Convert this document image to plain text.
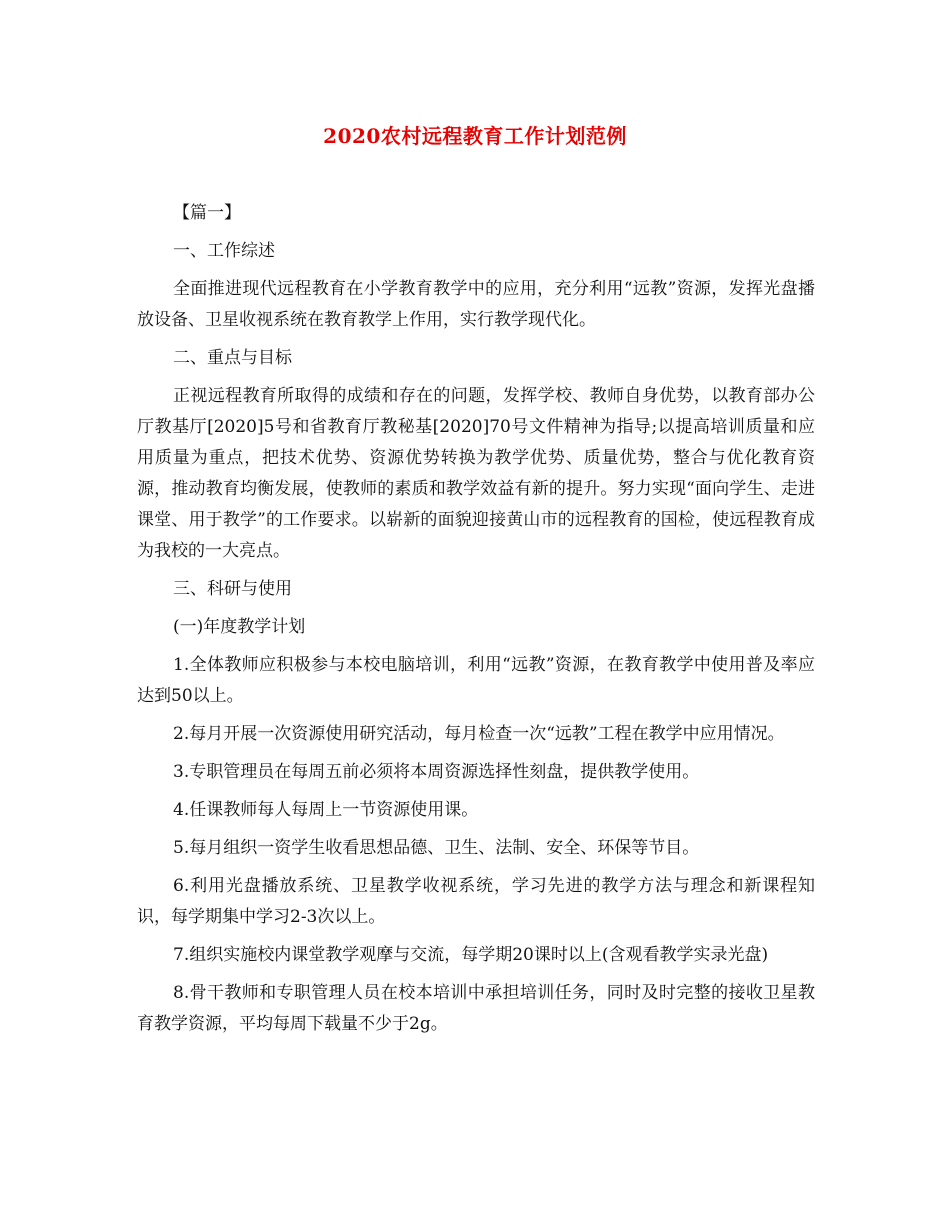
2020农村远程教育工作计划范例

【篇一】

一、工作综述

全面推进现代远程教育在小学教育教学中的应用，充分利用“远教”资源，发挥光盘播放设备、卫星收视系统在教育教学上作用，实行教学现代化。

二、重点与目标

正视远程教育所取得的成绩和存在的问题，发挥学校、教师自身优势，以教育部办公厅教基厅[2020]5号和省教育厅教秘基[2020]70号文件精神为指导;以提高培训质量和应用质量为重点，把技术优势、资源优势转换为教学优势、质量优势，整合与优化教育资源，推动教育均衡发展，使教师的素质和教学效益有新的提升。努力实现“面向学生、走进课堂、用于教学”的工作要求。以崭新的面貌迎接黄山市的远程教育的国检，使远程教育成为我校的一大亮点。

三、科研与使用

(一)年度教学计划

1.全体教师应积极参与本校电脑培训，利用“远教”资源，在教育教学中使用普及率应达到50以上。

2.每月开展一次资源使用研究活动，每月检查一次“远教”工程在教学中应用情况。

3.专职管理员在每周五前必须将本周资源选择性刻盘，提供教学使用。

4.任课教师每人每周上一节资源使用课。

5.每月组织一资学生收看思想品德、卫生、法制、安全、环保等节目。

6.利用光盘播放系统、卫星教学收视系统，学习先进的教学方法与理念和新课程知识，每学期集中学习2-3次以上。

7.组织实施校内课堂教学观摩与交流，每学期20课时以上(含观看教学实录光盘)

8.骨干教师和专职管理人员在校本培训中承担培训任务，同时及时完整的接收卫星教育教学资源，平均每周下载量不少于2g。
